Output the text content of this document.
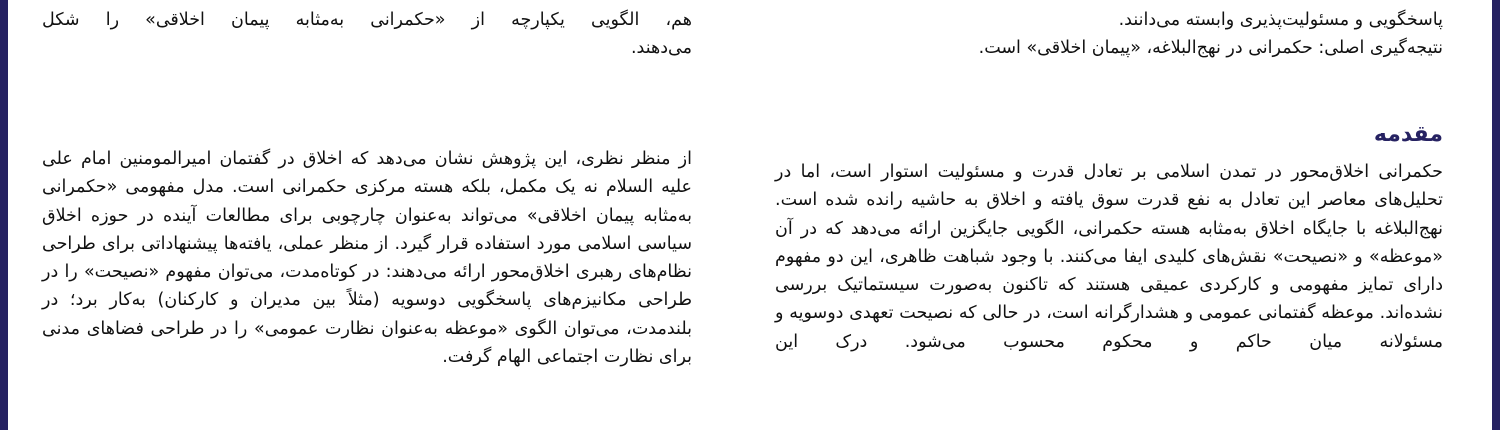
هم، الگویی یکپارچه از «حکمرانی به‌مثابه پیمان اخلاقی» را شکل

می‌دهند.

از منظر نظری، این پژوهش نشان می‌دهد که اخلاق در گفتمان امیرالمومنین امام علی علیه السلام نه یک مکمل، بلکه هسته مرکزی حکمرانی است. مدل مفهومی «حکمرانی به‌مثابه پیمان اخلاقی» می‌تواند به‌عنوان چارچوبی برای مطالعات آینده در حوزه اخلاق سیاسی اسلامی مورد استفاده قرار گیرد. از منظر عملی، یافته‌ها پیشنهاداتی برای طراحی نظام‌های رهبری اخلاق‌محور ارائه می‌دهند: در کوتاه‌مدت، می‌توان مفهوم «نصیحت» را در طراحی مکانیزم‌های پاسخگویی دوسویه (مثلاً بین مدیران و کارکنان) به‌کار برد؛ در بلندمدت، می‌توان الگوی «موعظه به‌عنوان نظارت عمومی» را در طراحی فضاهای مدنی برای نظارت اجتماعی الهام گرفت.

پاسخگویی و مسئولیت‌پذیری وابسته می‌دانند.

نتیجه‌گیری اصلی: حکمرانی در نهج‌البلاغه، «پیمان اخلاقی» است.

مقدمه

حکمرانی اخلاق‌محور در تمدن اسلامی بر تعادل قدرت و مسئولیت استوار است، اما در تحلیل‌های معاصر این تعادل به نفع قدرت سوق یافته و اخلاق به حاشیه رانده شده است. نهج‌البلاغه با جایگاه اخلاق به‌مثابه هسته حکمرانی، الگویی جایگزین ارائه می‌دهد که در آن «موعظه» و «نصیحت» نقش‌های کلیدی ایفا می‌کنند. با وجود شباهت ظاهری، این دو مفهوم دارای تمایز مفهومی و کارکردی عمیقی هستند که تاکنون به‌صورت سیستماتیک بررسی نشده‌اند. موعظه گفتمانی عمومی و هشدارگرانه است، در حالی که نصیحت تعهدی دوسویه و مسئولانه میان حاکم و محکوم محسوب می‌شود. درک این
